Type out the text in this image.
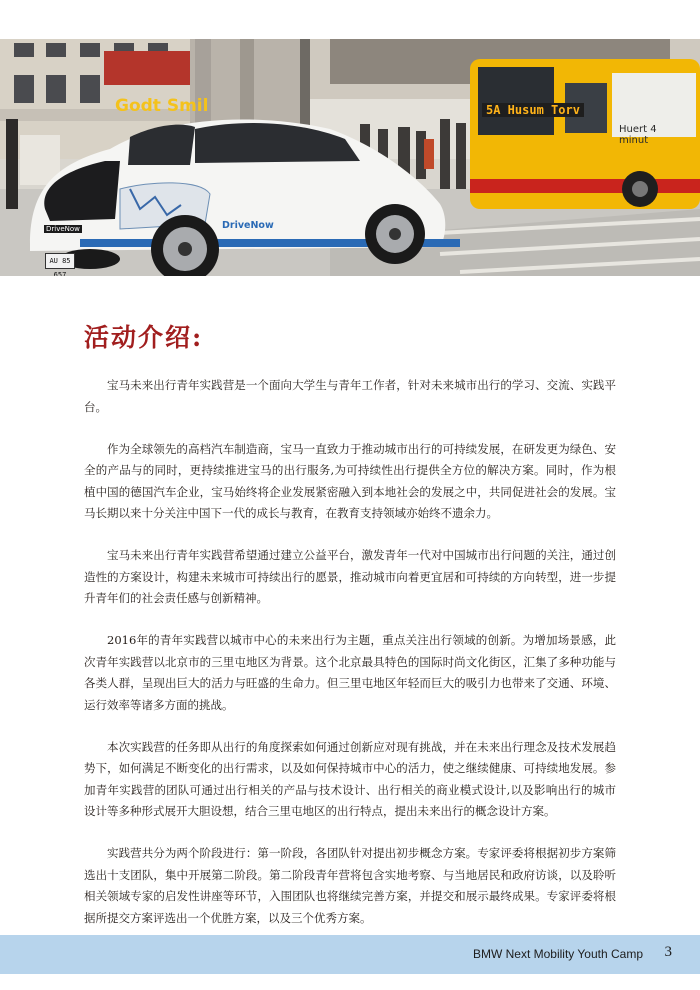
Godt Smil	5A Husum Torv
Huert 4 minut
DriveNow
DriveNow
AU 85 657
活动介绍:

宝马未来出行青年实践营是一个面向大学生与青年工作者，针对未来城市出行的学习、交流、实践平台。

作为全球领先的高档汽车制造商，宝马一直致力于推动城市出行的可持续发展，在研发更为绿色、安全的产品与的同时，更持续推进宝马的出行服务,为可持续性出行提供全方位的解决方案。同时，作为根植中国的德国汽车企业，宝马始终将企业发展紧密融入到本地社会的发展之中，共同促进社会的发展。宝马长期以来十分关注中国下一代的成长与教育，在教育支持领域亦始终不遗余力。

宝马未来出行青年实践营希望通过建立公益平台，激发青年一代对中国城市出行问题的关注，通过创造性的方案设计，构建未来城市可持续出行的愿景，推动城市向着更宜居和可持续的方向转型，进一步提升青年们的社会责任感与创新精神。

2016年的青年实践营以城市中心的未来出行为主题，重点关注出行领域的创新。为增加场景感，此次青年实践营以北京市的三里屯地区为背景。这个北京最具特色的国际时尚文化街区，汇集了多种功能与各类人群，呈现出巨大的活力与旺盛的生命力。但三里屯地区年轻而巨大的吸引力也带来了交通、环境、运行效率等诸多方面的挑战。

本次实践营的任务即从出行的角度探索如何通过创新应对现有挑战，并在未来出行理念及技术发展趋势下，如何满足不断变化的出行需求，以及如何保持城市中心的活力，使之继续健康、可持续地发展。参加青年实践营的团队可通过出行相关的产品与技术设计、出行相关的商业模式设计,以及影响出行的城市设计等多种形式展开大胆设想，结合三里屯地区的出行特点，提出未来出行的概念设计方案。

实践营共分为两个阶段进行：第一阶段，各团队针对提出初步概念方案。专家评委将根据初步方案筛选出十支团队，集中开展第二阶段。第二阶段青年营将包含实地考察、与当地居民和政府访谈，以及聆听相关领域专家的启发性讲座等环节，入围团队也将继续完善方案，并提交和展示最终成果。专家评委将根据所提交方案评选出一个优胜方案，以及三个优秀方案。

BMW Next Mobility Youth Camp 3
